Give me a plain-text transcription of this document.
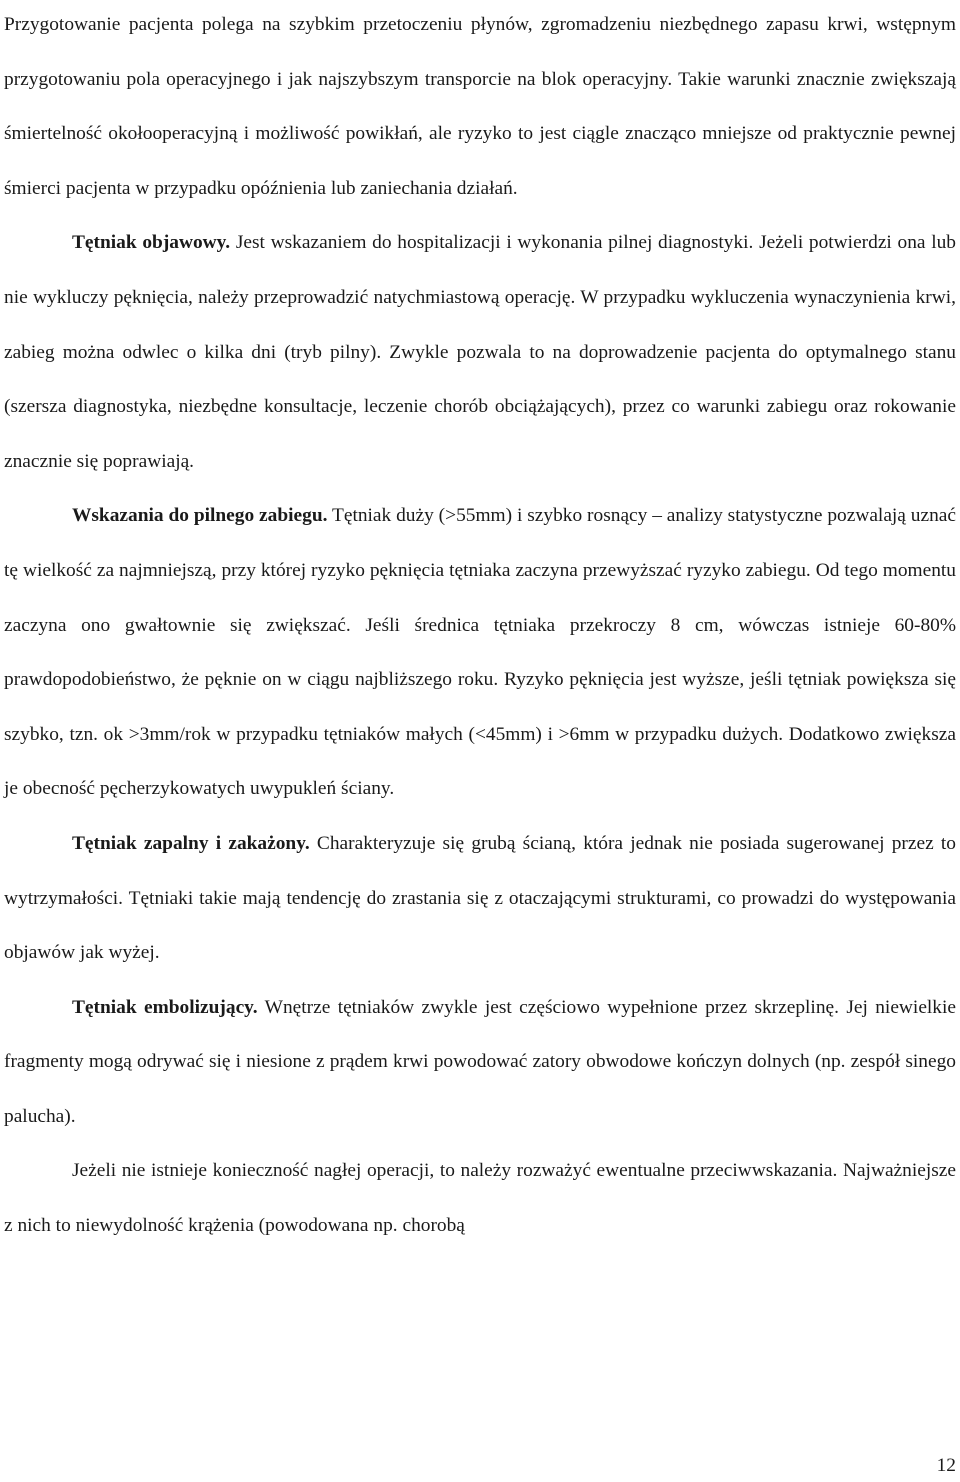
Przygotowanie pacjenta polega na szybkim przetoczeniu płynów, zgromadzeniu niezbędnego zapasu krwi, wstępnym przygotowaniu pola operacyjnego i jak najszybszym transporcie na blok operacyjny. Takie warunki znacznie zwiększają śmiertelność okołooperacyjną i możliwość powikłań, ale ryzyko to jest ciągle znacząco mniejsze od praktycznie pewnej śmierci pacjenta w przypadku opóźnienia lub zaniechania działań.

Tętniak objawowy. Jest wskazaniem do hospitalizacji i wykonania pilnej diagnostyki. Jeżeli potwierdzi ona lub nie wykluczy pęknięcia, należy przeprowadzić natychmiastową operację. W przypadku wykluczenia wynaczynienia krwi, zabieg można odwlec o kilka dni (tryb pilny). Zwykle pozwala to na doprowadzenie pacjenta do optymalnego stanu (szersza diagnostyka, niezbędne konsultacje, leczenie chorób obciążających), przez co warunki zabiegu oraz rokowanie znacznie się poprawiają.

Wskazania do pilnego zabiegu. Tętniak duży (>55mm) i szybko rosnący – analizy statystyczne pozwalają uznać tę wielkość za najmniejszą, przy której ryzyko pęknięcia tętniaka zaczyna przewyższać ryzyko zabiegu. Od tego momentu zaczyna ono gwałtownie się zwiększać. Jeśli średnica tętniaka przekroczy 8 cm, wówczas istnieje 60-80% prawdopodobieństwo, że pęknie on w ciągu najbliższego roku. Ryzyko pęknięcia jest wyższe, jeśli tętniak powiększa się szybko, tzn. ok >3mm/rok w przypadku tętniaków małych (<45mm) i >6mm w przypadku dużych. Dodatkowo zwiększa je obecność pęcherzykowatych uwypukleń ściany.

Tętniak zapalny i zakażony. Charakteryzuje się grubą ścianą, która jednak nie posiada sugerowanej przez to wytrzymałości. Tętniaki takie mają tendencję do zrastania się z otaczającymi strukturami, co prowadzi do występowania objawów jak wyżej.

Tętniak embolizujący. Wnętrze tętniaków zwykle jest częściowo wypełnione przez skrzeplinę. Jej niewielkie fragmenty mogą odrywać się i niesione z prądem krwi powodować zatory obwodowe kończyn dolnych (np. zespół sinego palucha).

Jeżeli nie istnieje konieczność nagłej operacji, to należy rozważyć ewentualne przeciwwskazania. Najważniejsze z nich to niewydolność krążenia (powodowana np. chorobą

12
